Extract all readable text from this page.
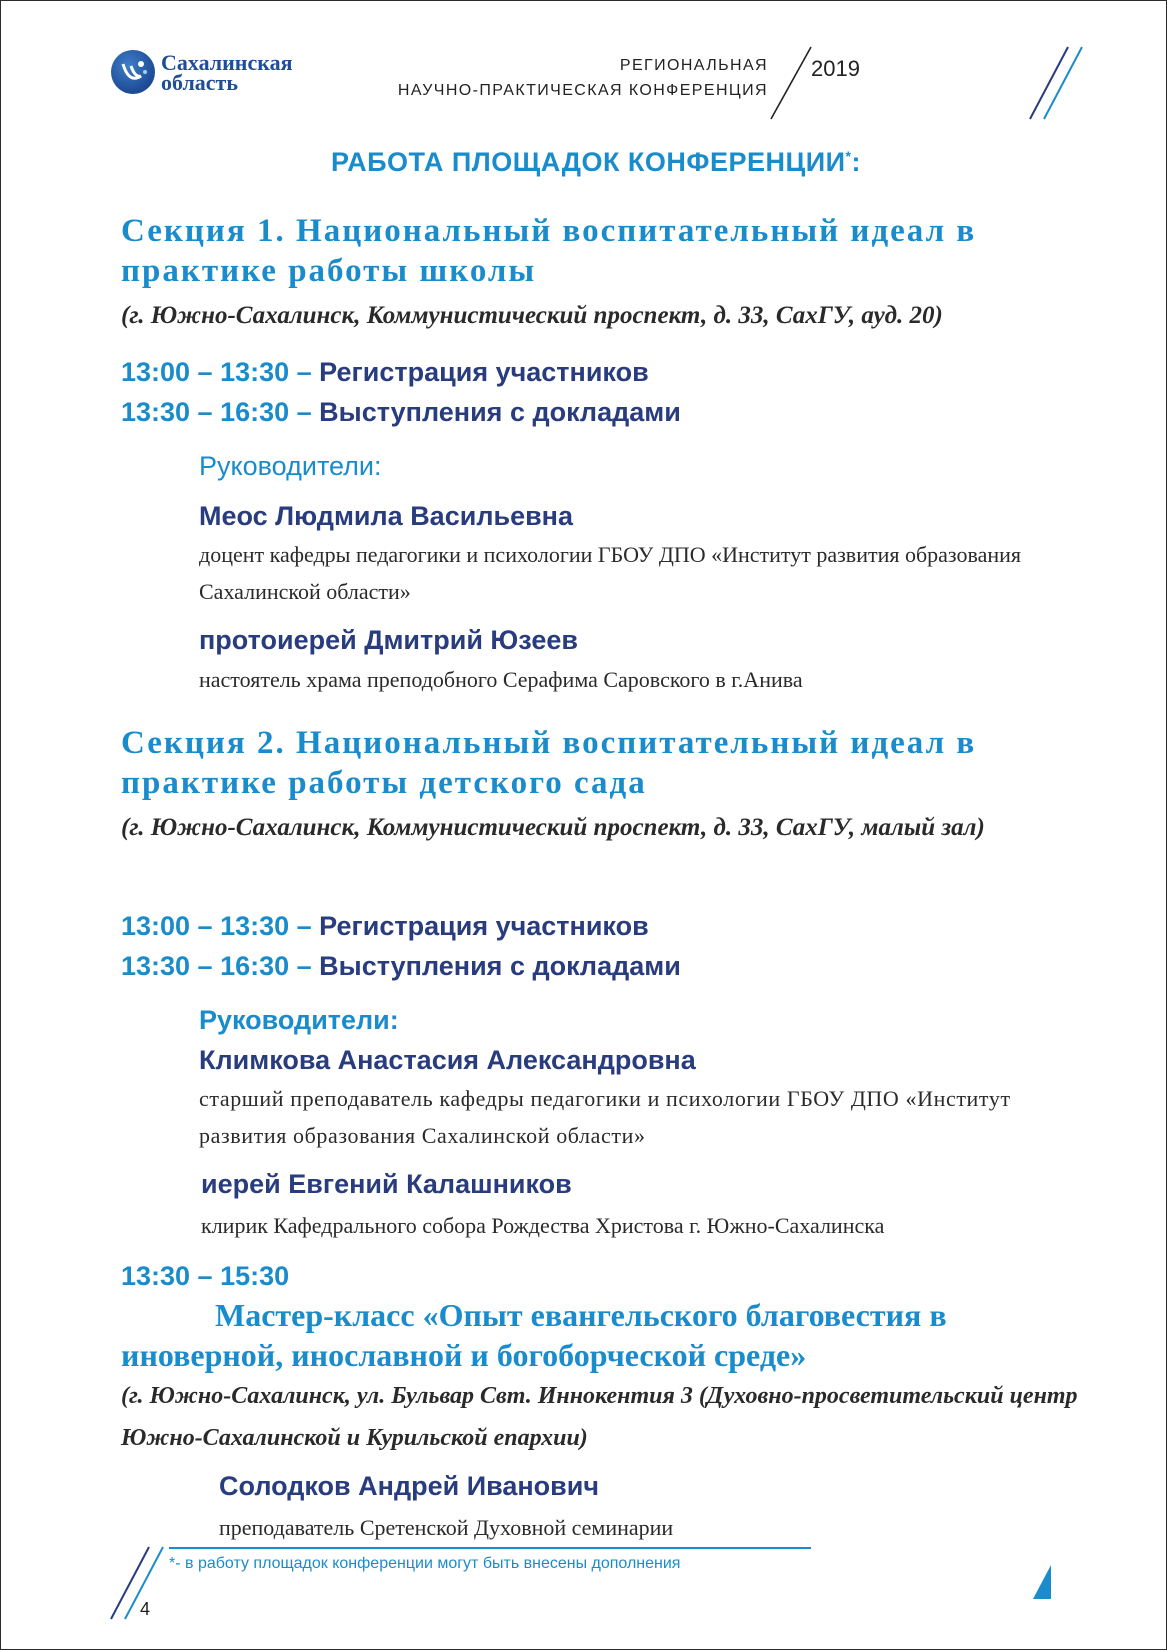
Сахалинская
область
РЕГИОНАЛЬНАЯ
НАУЧНО-ПРАКТИЧЕСКАЯ КОНФЕРЕНЦИЯ
2019
РАБОТА ПЛОЩАДОК КОНФЕРЕНЦИИ*:
Секция 1. Национальный воспитательный идеал в практике работы школы
(г. Южно-Сахалинск, Коммунистический проспект, д. 33, СахГУ, ауд. 20)
13:00 – 13:30 – Регистрация участников
13:30 – 16:30 – Выступления с докладами
Руководители:
Меос Людмила Васильевна
доцент кафедры педагогики и психологии ГБОУ ДПО «Институт развития образования Сахалинской области»
протоиерей Дмитрий Юзеев
настоятель храма преподобного Серафима Саровского в г.Анива
Секция 2. Национальный воспитательный идеал в практике работы детского сада
(г. Южно-Сахалинск, Коммунистический проспект, д. 33, СахГУ, малый зал)
13:00 – 13:30 – Регистрация участников
13:30 – 16:30 – Выступления с докладами
Руководители:
Климкова Анастасия Александровна
старший преподаватель кафедры педагогики и психологии ГБОУ ДПО «Институт развития образования Сахалинской области»
иерей Евгений Калашников
клирик Кафедрального собора Рождества Христова г. Южно-Сахалинска
13:30 – 15:30
Мастер-класс «Опыт евангельского благовестия в иноверной, инославной и богоборческой среде»
(г. Южно-Сахалинск, ул. Бульвар Свт. Иннокентия 3 (Духовно-просветительский центр Южно-Сахалинской и Курильской епархии)
Солодков Андрей Иванович
преподаватель Сретенской Духовной семинарии
*- в работу площадок конференции могут быть внесены дополнения
4
